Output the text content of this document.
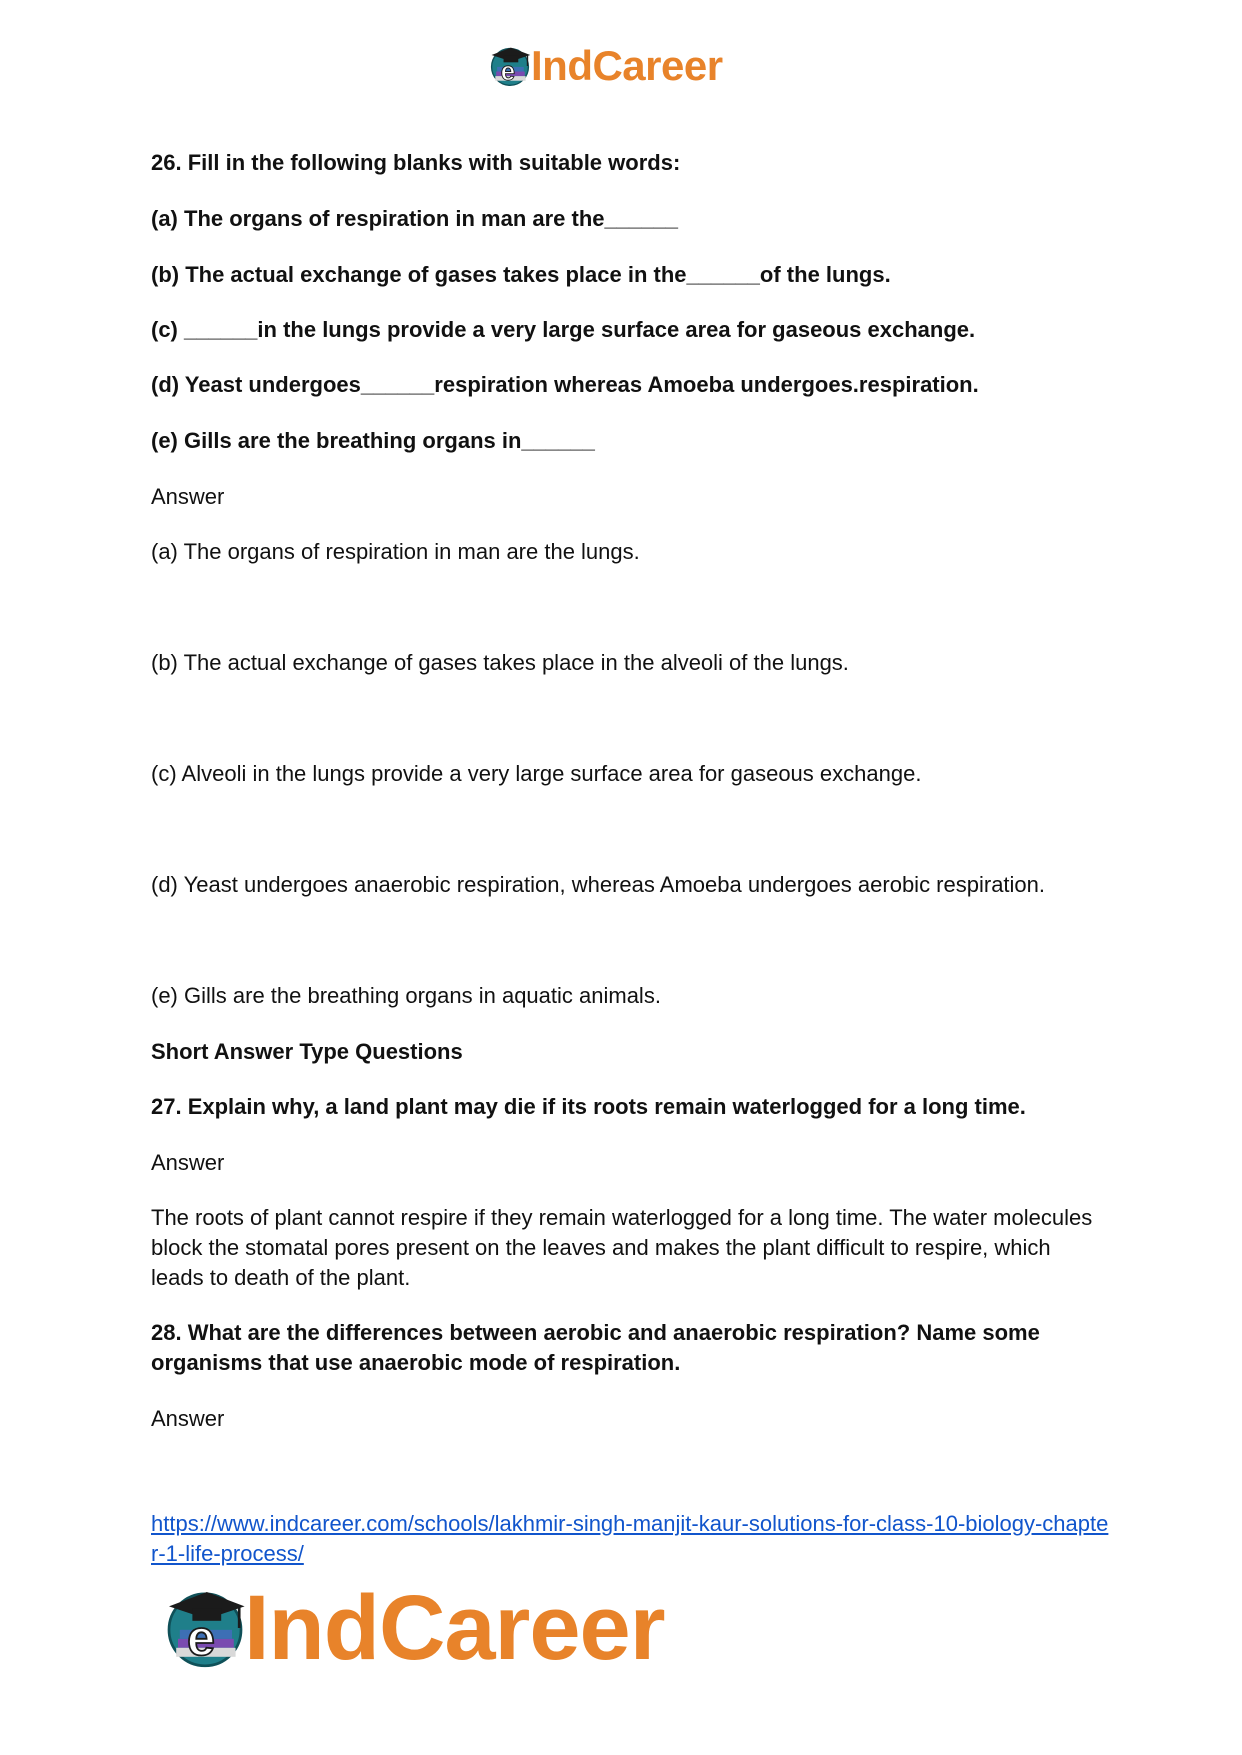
e IndCareer
26. Fill in the following blanks with suitable words:
(a) The organs of respiration in man are the______
(b) The actual exchange of gases takes place in the______of the lungs.
(c) ______in the lungs provide a very large surface area for gaseous exchange.
(d) Yeast undergoes______respiration whereas Amoeba undergoes.respiration.
(e) Gills are the breathing organs in______
Answer
(a) The organs of respiration in man are the lungs.
(b) The actual exchange of gases takes place in the alveoli of the lungs.
(c) Alveoli in the lungs provide a very large surface area for gaseous exchange.
(d) Yeast undergoes anaerobic respiration, whereas Amoeba undergoes aerobic respiration.
(e) Gills are the breathing organs in aquatic animals.
Short Answer Type Questions
27. Explain why, a land plant may die if its roots remain waterlogged for a long time.
Answer
The roots of plant cannot respire if they remain waterlogged for a long time. The water molecules block the stomatal pores present on the leaves and makes the plant difficult to respire, which leads to death of the plant.
28. What are the differences between aerobic and anaerobic respiration? Name some organisms that use anaerobic mode of respiration.
Answer
https://www.indcareer.com/schools/lakhmir-singh-manjit-kaur-solutions-for-class-10-biology-chapter-1-life-process/
e IndCareer
